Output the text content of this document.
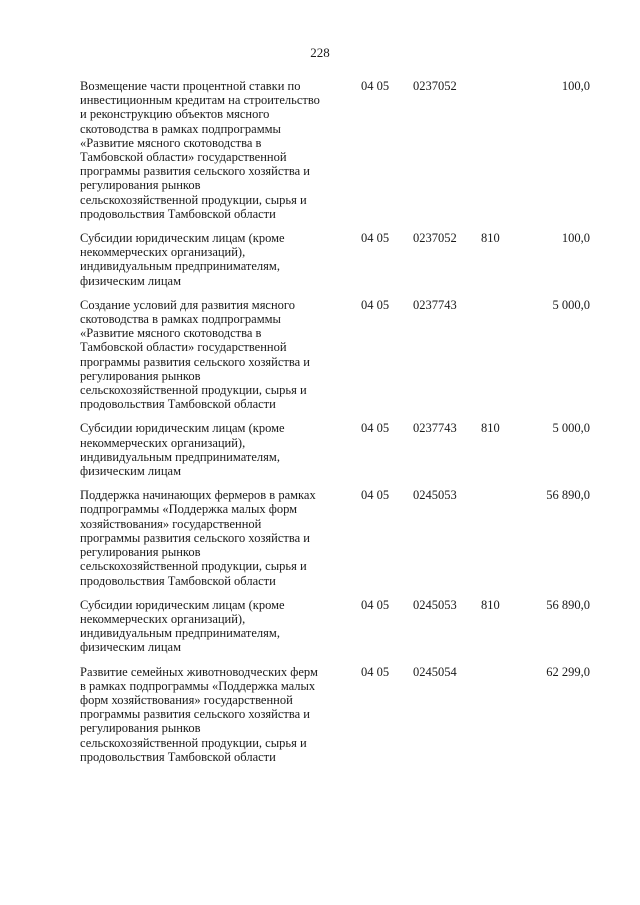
228
Возмещение части процентной ставки по инвестиционным кредитам на строительство и реконструкцию объектов мясного скотоводства в рамках подпрограммы «Развитие мясного скотоводства в Тамбовской области» государственной программы развития сельского хозяйства и регулирования рынков сельскохозяйственной продукции, сырья и продовольствия Тамбовской области
04 05 0237052	100,0
Субсидии юридическим лицам (кроме некоммерческих организаций), индивидуальным предпринимателям, физическим лицам
04 05 0237052 810	100,0
Создание условий для развития мясного скотоводства в рамках подпрограммы «Развитие мясного скотоводства в Тамбовской области» государственной программы развития сельского хозяйства и регулирования рынков сельскохозяйственной продукции, сырья и продовольствия Тамбовской области
04 05 0237743	5 000,0
Субсидии юридическим лицам (кроме некоммерческих организаций), индивидуальным предпринимателям, физическим лицам
04 05 0237743 810	5 000,0
Поддержка начинающих фермеров в рамках подпрограммы «Поддержка малых форм хозяйствования» государственной программы развития сельского хозяйства и регулирования рынков сельскохозяйственной продукции, сырья и продовольствия Тамбовской области
04 05 0245053	56 890,0
Субсидии юридическим лицам (кроме некоммерческих организаций), индивидуальным предпринимателям, физическим лицам
04 05 0245053 810	56 890,0
Развитие семейных животноводческих ферм в рамках подпрограммы «Поддержка малых форм хозяйствования» государственной программы развития сельского хозяйства и регулирования рынков сельскохозяйственной продукции, сырья и продовольствия Тамбовской области
04 05 0245054	62 299,0
